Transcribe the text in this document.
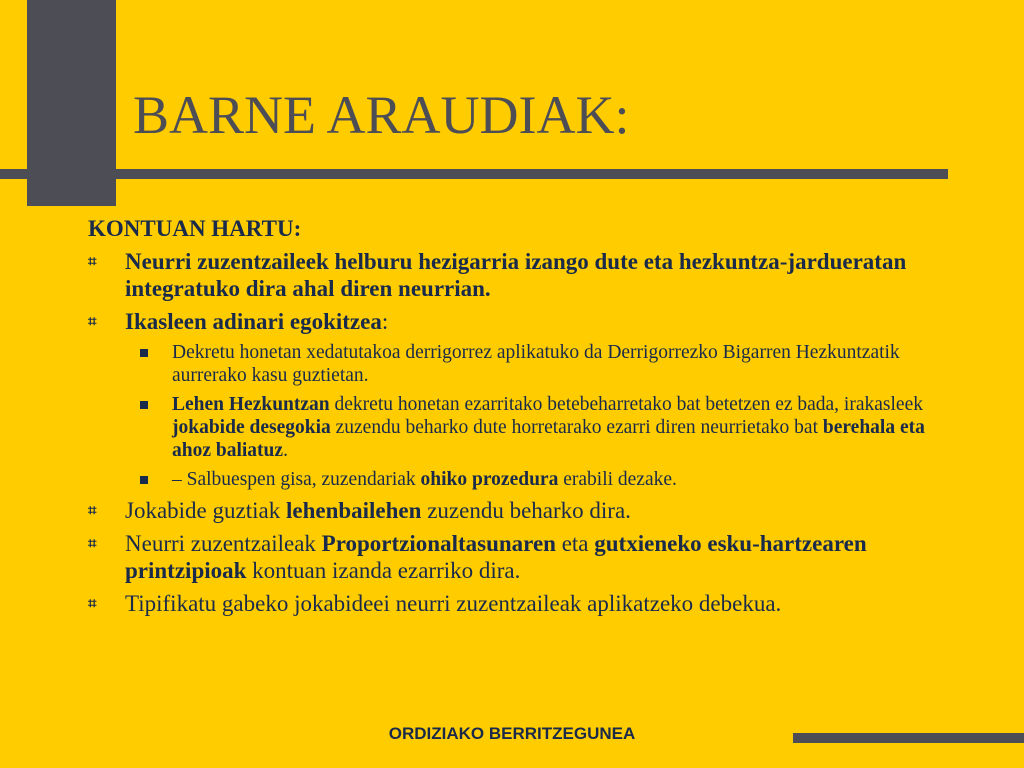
BARNE ARAUDIAK:
KONTUAN HARTU:
⌗ Neurri zuzentzaileek helburu hezigarria izango dute eta hezkuntza-jardueratan integratuko dira ahal diren neurrian.
⌗ Ikasleen adinari egokitzea:
Dekretu honetan xedatutakoa derrigorrez aplikatuko da Derrigorrezko Bigarren Hezkuntzatik aurrerako kasu guztietan.
Lehen Hezkuntzan dekretu honetan ezarritako betebeharretako bat betetzen ez bada, irakasleek jokabide desegokia zuzendu beharko dute horretarako ezarri diren neurrietako bat berehala eta ahoz baliatuz.
– Salbuespen gisa, zuzendariak ohiko prozedura erabili dezake.
⌗ Jokabide guztiak lehenbailehen zuzendu beharko dira.
⌗ Neurri zuzentzaileak Proportzionaltasunaren eta gutxieneko esku-hartzearen printzipioak kontuan izanda ezarriko dira.
⌗ Tipifikatu gabeko jokabideei neurri zuzentzaileak aplikatzeko debekua.
ORDIZIAKO BERRITZEGUNEA
